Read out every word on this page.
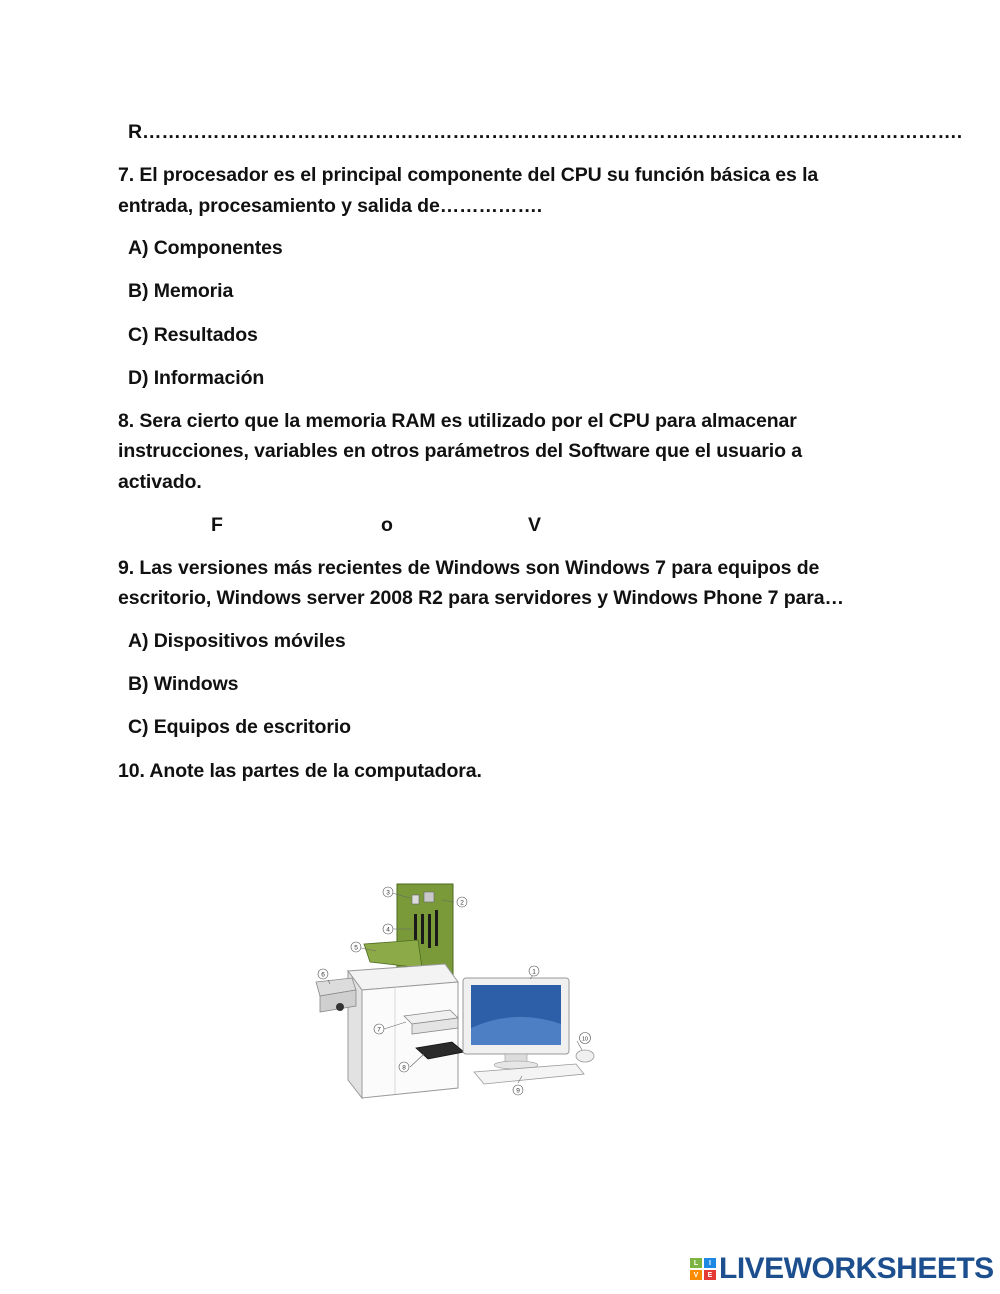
R……………………………………………………………………………………………………………….
7. El procesador es el principal componente del CPU su función básica es la
entrada, procesamiento y salida de…………….
A) Componentes
B) Memoria
C) Resultados
D) Información
8. Sera cierto que la memoria RAM es utilizado por el CPU para almacenar
instrucciones, variables en otros parámetros del Software que el usuario a
activado.
F	o	V
9. Las versiones más recientes de Windows son Windows 7 para equipos de
escritorio, Windows server 2008 R2 para servidores y Windows Phone 7 para…
A) Dispositivos móviles
B) Windows
C) Equipos de escritorio
10. Anote las partes de la computadora.
1
2
3
4
5
6
7
8
9
10
L	I
V	E LIVEWORKSHEETS
